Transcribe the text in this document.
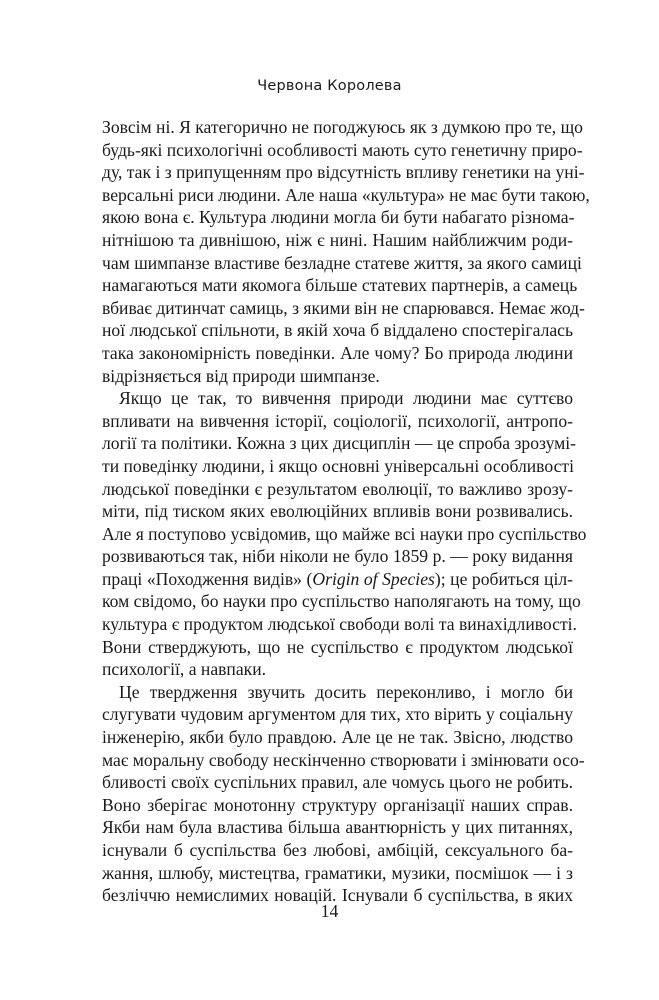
Червона Королева
Зовсім ні. Я категорично не погоджуюсь як з думкою про те, що
будь-які психологічні особливості мають суто генетичну приро-
ду, так і з припущенням про відсутність впливу генетики на уні-
версальні риси людини. Але наша «культура» не має бути такою,
якою вона є. Культура людини могла би бути набагато різнома-
нітнішою та дивнішою, ніж є нині. Нашим найближчим роди-
чам шимпанзе властиве безладне статеве життя, за якого самиці
намагаються мати якомога більше статевих партнерів, а самець
вбиває дитинчат самиць, з якими він не спарювався. Немає жод-
ної людської спільноти, в якій хоча б віддалено спостерігалась
така закономірність поведінки. Але чому? Бо природа людини
відрізняється від природи шимпанзе.
Якщо це так, то вивчення природи людини має суттєво
впливати на вивчення історії, соціології, психології, антропо-
логії та політики. Кожна з цих дисциплін — це спроба зрозумі-
ти поведінку людини, і якщо основні універсальні особливості
людської поведінки є результатом еволюції, то важливо зрозу-
міти, під тиском яких еволюційних впливів вони розвивались.
Але я поступово усвідомив, що майже всі науки про суспільство
розвиваються так, ніби ніколи не було 1859 р. — року видання
праці «Походження видів» (Origin of Species); це робиться ціл-
ком свідомо, бо науки про суспільство наполягають на тому, що
культура є продуктом людської свободи волі та винахідливості.
Вони стверджують, що не суспільство є продуктом людської
психології, а навпаки.
Це твердження звучить досить переконливо, і могло би
слугувати чудовим аргументом для тих, хто вірить у соціальну
інженерію, якби було правдою. Але це не так. Звісно, людство
має моральну свободу нескінченно створювати і змінювати осо-
бливості своїх суспільних правил, але чомусь цього не робить.
Воно зберігає монотонну структуру організації наших справ.
Якби нам була властива більша авантюрність у цих питаннях,
існували б суспільства без любові, амбіцій, сексуального ба-
жання, шлюбу, мистецтва, граматики, музики, посмішок — і з
безліччю немислимих новацій. Існували б суспільства, в яких
14
